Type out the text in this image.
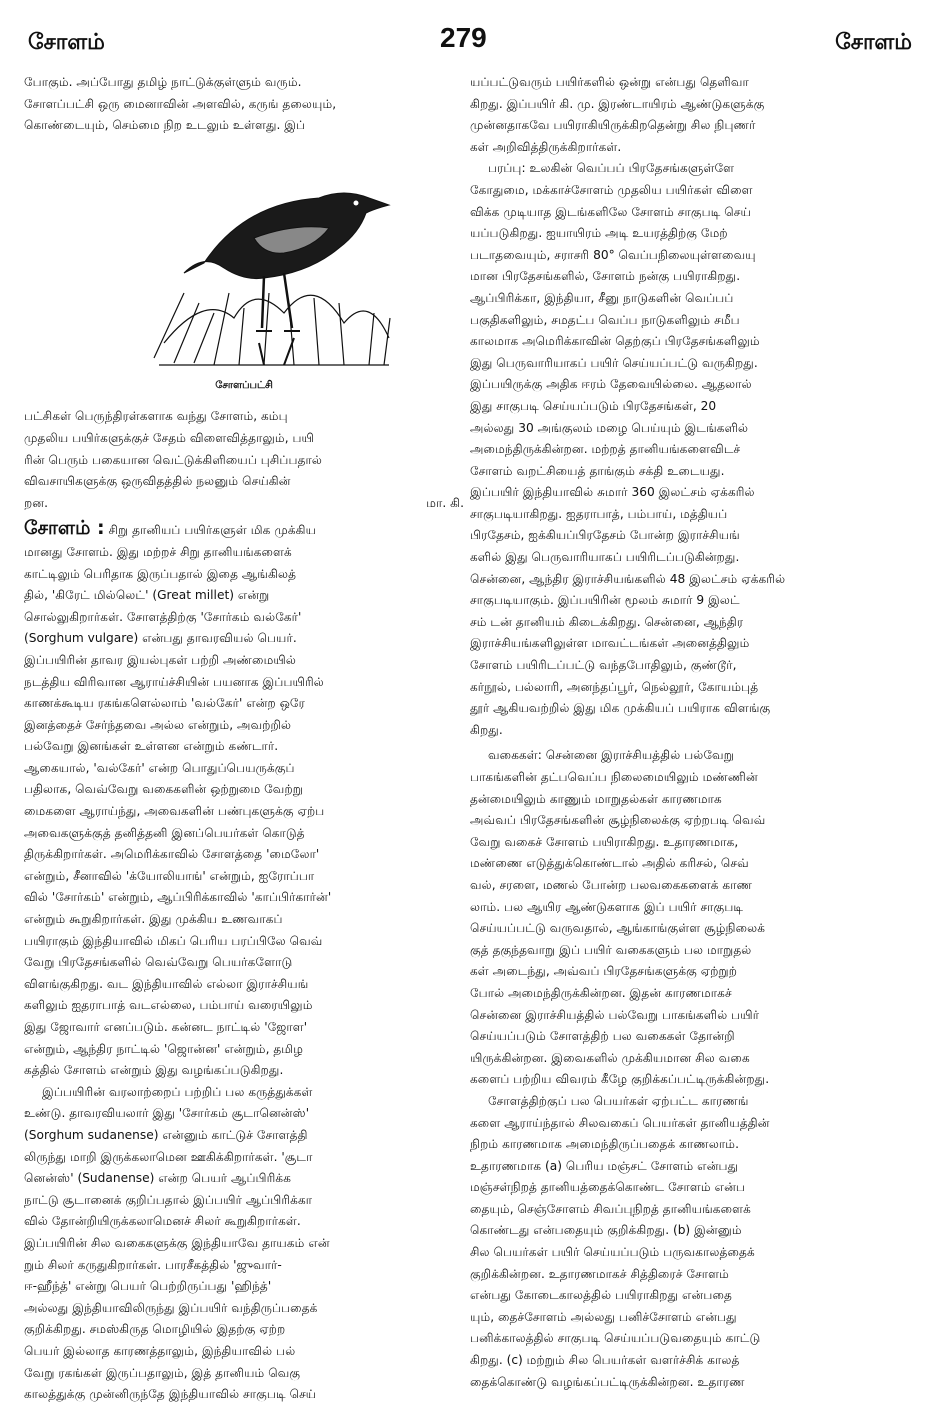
சோளம்	279	சோளம்

போகும். அப்போது தமிழ் நாட்டுக்குள்ளும் வரும்.
சோளப்பட்சி ஒரு மைனாவின் அளவில், கருங் தலையும்,
கொண்டையும், செம்மை நிற உடலும் உள்ளது. இப்

சோளப்பட்சி

பட்சிகள் பெருந்திரள்களாக வந்து சோளம், கம்பு
முதலிய பயிர்களுக்குச் சேதம் விளைவித்தாலும், பயி
ரின் பெரும் பகையான வெட்டுக்கிளியைப் புசிப்பதால்
விவசாயிகளுக்கு ஒருவிதத்தில் நலனும் செய்கின்
றன.	மா. கி.

சோளம் : சிறு தானியப் பயிர்களுள் மிக முக்கிய
மானது சோளம். இது மற்றச் சிறு தானியங்களைக்
காட்டிலும் பெரிதாக இருப்பதால் இதை ஆங்கிலத்
தில், 'கிரேட் மில்லெட்' (Great millet) என்று
சொல்லுகிறார்கள். சோளத்திற்கு 'சோர்கம் வல்கேர்'
(Sorghum vulgare) என்பது தாவரவியல் பெயர்.
இப்பயிரின் தாவர இயல்புகள் பற்றி அண்மையில்
நடத்திய விரிவான ஆராய்ச்சியின் பயனாக இப்பயிரில்
காணக்கூடிய ரகங்களெல்லாம் 'வல்கேர்' என்ற ஒரே
இனத்தைச் சேர்ந்தவை அல்ல என்றும், அவற்றில்
பல்வேறு இனங்கள் உள்ளன என்றும் கண்டார்.
ஆகையால், 'வல்கேர்' என்ற பொதுப்பெயருக்குப்
பதிலாக, வெவ்வேறு வகைகளின் ஒற்றுமை வேற்று
மைகளை ஆராய்ந்து, அவைகளின் பண்புகளுக்கு ஏற்ப
அவைகளுக்குத் தனித்தனி இனப்பெயர்கள் கொடுத்
திருக்கிறார்கள். அமெரிக்காவில் சோளத்தை 'மைலோ'
என்றும், சீனாவில் 'க்யோலியாங்' என்றும், ஐரோப்பா
வில் 'சோர்கம்' என்றும், ஆப்பிரிக்காவில் 'காப்பிர்கார்ன்'
என்றும் கூறுகிறார்கள். இது முக்கிய உணவாகப்
பயிராகும் இந்தியாவில் மிகப் பெரிய பரப்பிலே வெவ்
வேறு பிரதேசங்களில் வெவ்வேறு பெயர்களோடு
விளங்குகிறது. வட இந்தியாவில் எல்லா இராச்சியங்
களிலும் ஐதராபாத் வடஎல்லை, பம்பாய் வரையிலும்
இது ஜோவார் எனப்படும். கன்னட நாட்டில் 'ஜோள'
என்றும், ஆந்திர நாட்டில் 'ஜொன்ன' என்றும், தமிழ
கத்தில் சோளம் என்றும் இது வழங்கப்படுகிறது.

இப்பயிரின் வரலாற்றைப் பற்றிப் பல கருத்துக்கள்
உண்டு. தாவரவியலார் இது 'சோர்கம் சூடானென்ஸ்'
(Sorghum sudanense) என்னும் காட்டுச் சோளத்தி
லிருந்து மாறி இருக்கலாமென ஊகிக்கிறார்கள். 'சூடா
னென்ஸ்' (Sudanense) என்ற பெயர் ஆப்பிரிக்க
நாட்டு சூடானைக் குறிப்பதால் இப்பயிர் ஆப்பிரிக்கா
வில் தோன்றியிருக்கலாமெனச் சிலர் கூறுகிறார்கள்.
இப்பயிரின் சில வகைகளுக்கு இந்தியாவே தாயகம் என்
றும் சிலர் கருதுகிறார்கள். பாரசீகத்தில் 'ஜுவார்-
ஈ-ஹீந்த்' என்று பெயர் பெற்றிருப்பது 'ஹிந்த்'
அல்லது இந்தியாவிலிருந்து இப்பயிர் வந்திருப்பதைக்
குறிக்கிறது. சமஸ்கிருத மொழியில் இதற்கு ஏற்ற
பெயர் இல்லாத காரணத்தாலும், இந்தியாவில் பல்
வேறு ரகங்கள் இருப்பதாலும், இத் தானியம் வெகு
காலத்துக்கு முன்னிருந்தே இந்தியாவில் சாகுபடி செய்

யப்பட்டுவரும் பயிர்களில் ஒன்று என்பது தெளிவா
கிறது. இப்பயிர் கி. மு. இரண்டாயிரம் ஆண்டுகளுக்கு
முன்னதாகவே பயிராகியிருக்கிறதென்று சில நிபுணர்
கள் அறிவித்திருக்கிறார்கள்.

பரப்பு: உலகின் வெப்பப் பிரதேசங்களுள்ளே
கோதுமை, மக்காச்சோளம் முதலிய பயிர்கள் விளை
விக்க முடியாத இடங்களிலே சோளம் சாகுபடி செய்
யப்படுகிறது. ஐயாயிரம் அடி உயரத்திற்கு மேற்
படாதவையும், சராசரி 80° வெப்பநிலையுள்ளவையு
மான பிரதேசங்களில், சோளம் நன்கு பயிராகிறது.
ஆப்பிரிக்கா, இந்தியா, சீனு நாடுகளின் வெப்பப்
பகுதிகளிலும், சமதட்ப வெப்ப நாடுகளிலும் சமீப
காலமாக அமெரிக்காவின் தெற்குப் பிரதேசங்களிலும்
இது பெருவாரியாகப் பயிர் செய்யப்பட்டு வருகிறது.
இப்பயிருக்கு அதிக ஈரம் தேவையில்லை. ஆதலால்
இது சாகுபடி செய்யப்படும் பிரதேசங்கள், 20
அல்லது 30 அங்குலம் மழை பெய்யும் இடங்களில்
அமைந்திருக்கின்றன. மற்றத் தானியங்களைவிடச்
சோளம் வறட்சியைத் தாங்கும் சக்தி உடையது.
இப்பயிர் இந்தியாவில் சுமார் 360 இலட்சம் ஏக்கரில்
சாகுபடியாகிறது. ஐதராபாத், பம்பாய், மத்தியப்
பிரதேசம், ஐக்கியப்பிரதேசம் போன்ற இராச்சியங்
களில் இது பெருவாரியாகப் பயிரிடப்படுகின்றது.
சென்னை, ஆந்திர இராச்சியங்களில் 48 இலட்சம் ஏக்கரில்
சாகுபடியாகும். இப்பயிரின் மூலம் சுமார் 9 இலட்
சம் டன் தானியம் கிடைக்கிறது. சென்னை, ஆந்திர
இராச்சியங்களிலுள்ள மாவட்டங்கள் அனைத்திலும்
சோளம் பயிரிடப்பட்டு வந்தபோதிலும், குண்டூர்,
கர்நூல், பல்லாரி, அனந்தப்பூர், நெல்லூர், கோயம்புத்
தூர் ஆகியவற்றில் இது மிக முக்கியப் பயிராக விளங்கு
கிறது.

வகைகள்: சென்னை இராச்சியத்தில் பல்வேறு
பாகங்களின் தட்பவெப்ப நிலைமையிலும் மண்ணின்
தன்மையிலும் காணும் மாறுதல்கள் காரணமாக
அவ்வப் பிரதேசங்களின் சூழ்நிலைக்கு ஏற்றபடி வெவ்
வேறு வகைச் சோளம் பயிராகிறது. உதாரணமாக,
மண்ணை எடுத்துக்கொண்டால் அதில் கரிசல், செவ்
வல், சரளை, மணல் போன்ற பலவகைகளைக் காண
லாம். பல ஆயிர ஆண்டுகளாக இப் பயிர் சாகுபடி
செய்யப்பட்டு வருவதால், ஆங்காங்குள்ள சூழ்நிலைக்
குத் தகுந்தவாறு இப் பயிர் வகைகளும் பல மாறுதல்
கள் அடைந்து, அவ்வப் பிரதேசங்களுக்கு ஏற்றுற்
போல் அமைந்திருக்கின்றன. இதன் காரணமாகச்
சென்னை இராச்சியத்தில் பல்வேறு பாகங்களில் பயிர்
செய்யப்படும் சோளத்திற் பல வகைகள் தோன்றி
யிருக்கின்றன. இவைகளில் முக்கியமான சில வகை
களைப் பற்றிய விவரம் கீழே குறிக்கப்பட்டிருக்கின்றது.

சோளத்திற்குப் பல பெயர்கள் ஏற்பட்ட காரணங்
களை ஆராய்ந்தால் சிலவகைப் பெயர்கள் தானியத்தின்
நிறம் காரணமாக அமைந்திருப்பதைக் காணலாம்.
உதாரணமாக (a) பெரிய மஞ்சட் சோளம் என்பது
மஞ்சள்நிறத் தானியத்தைக்கொண்ட சோளம் என்ப
தையும், செஞ்சோளம் சிவப்புநிறத் தானியங்களைக்
கொண்டது என்பதையும் குறிக்கிறது. (b) இன்னும்
சில பெயர்கள் பயிர் செய்யப்படும் பருவகாலத்தைக்
குறிக்கின்றன. உதாரணமாகச் சித்திரைச் சோளம்
என்பது கோடைகாலத்தில் பயிராகிறது என்பதை
யும், தைச்சோளம் அல்லது பனிச்சோளம் என்பது
பனிக்காலத்தில் சாகுபடி செய்யப்படுவதையும் காட்டு
கிறது. (c) மற்றும் சில பெயர்கள் வளர்ச்சிக் காலத்
தைக்கொண்டு வழங்கப்பட்டிருக்கின்றன. உதாரண
